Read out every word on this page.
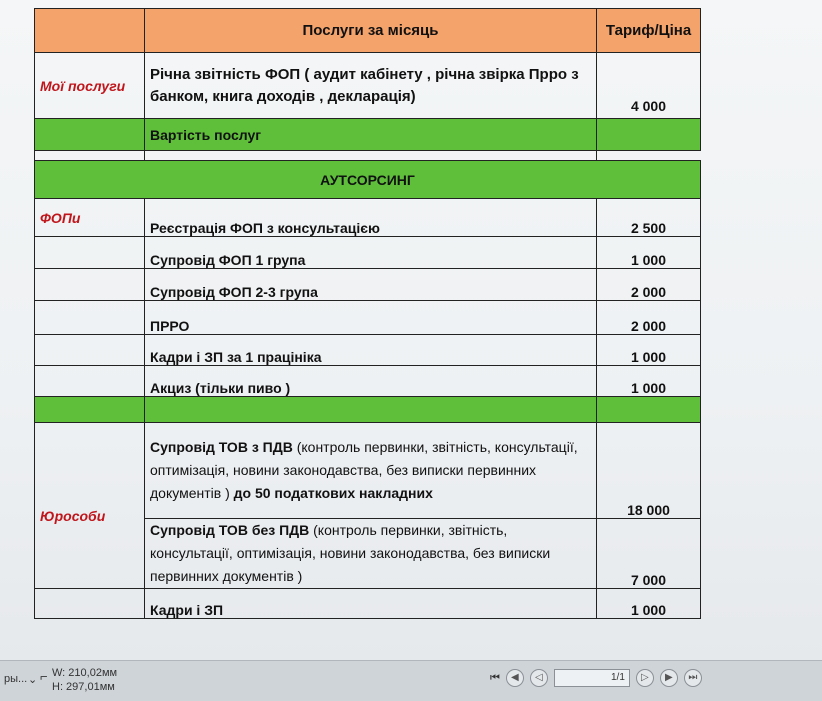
	Послуги за місяць	Тариф/Ціна
Мої послуги	Річна звітність ФОП ( аудит кабінету , річна звірка Прро з банком, книга доходів , декларація)	4 000
	Вартість послуг	

АУТСОРСИНГ		
ФОПи	Реєстрація ФОП з консультацією	2 500
	Супровід ФОП 1 група	1 000
	Супровід ФОП 2-3 група	2 000
	ПРРО	2 000
	Кадри і ЗП за 1 працініка	1 000
	Акциз (тільки пиво )	1 000

Юрособи	Супровід ТОВ з ПДВ (контроль первинки, звітність, консультації, оптимізація, новини законодавства, без виписки первинних документів ) до 50 податкових накладних	18 000
	Супровід ТОВ без ПДВ (контроль первинки, звітність, консультації, оптимізація, новини законодавства, без виписки первинних документів )	7 000
	Кадри і ЗП	1 000
ры... ⌄ ⌐ W: 210,02мм
H: 297,01мм
⏮	◀	◁	1/1	▷	▶	⏭
